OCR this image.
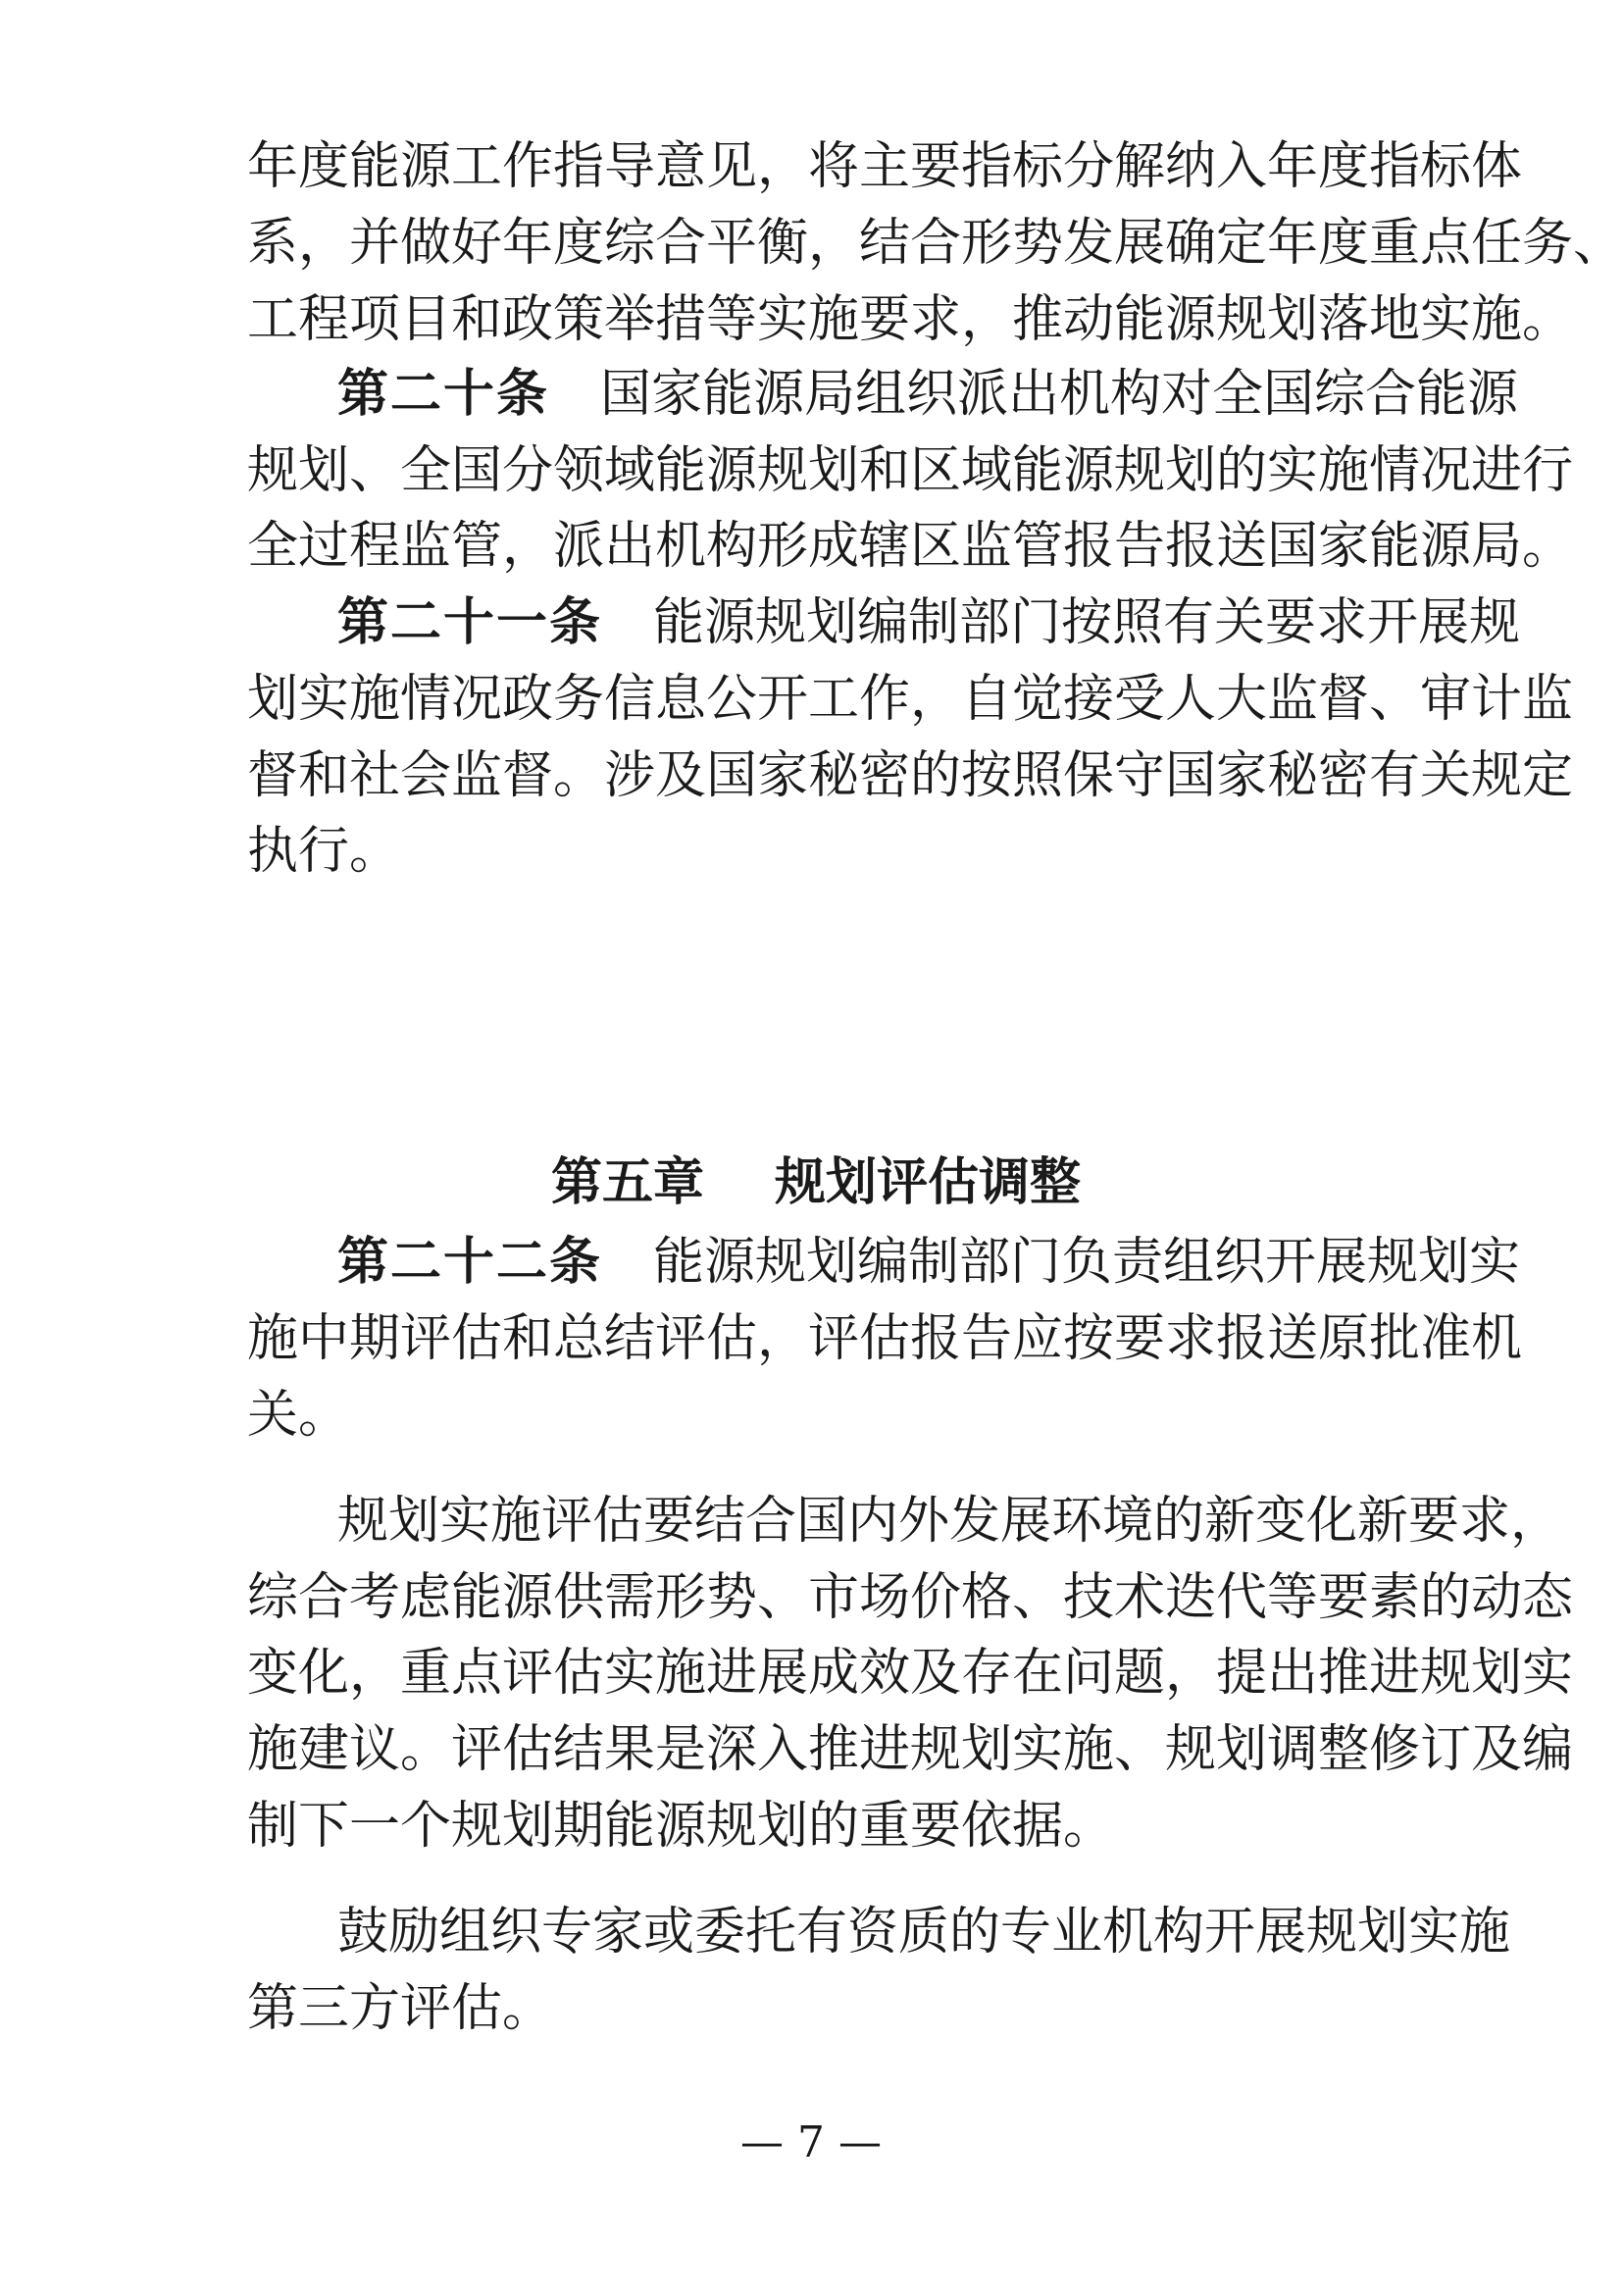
年度能源工作指导意见，将主要指标分解纳入年度指标体
系，并做好年度综合平衡，结合形势发展确定年度重点任务、
工程项目和政策举措等实施要求，推动能源规划落地实施。
第二十条 国家能源局组织派出机构对全国综合能源
规划、全国分领域能源规划和区域能源规划的实施情况进行
全过程监管，派出机构形成辖区监管报告报送国家能源局。
第二十一条 能源规划编制部门按照有关要求开展规
划实施情况政务信息公开工作，自觉接受人大监督、审计监
督和社会监督。涉及国家秘密的按照保守国家秘密有关规定
执行。
第五章 规划评估调整
第二十二条 能源规划编制部门负责组织开展规划实
施中期评估和总结评估，评估报告应按要求报送原批准机
关。
规划实施评估要结合国内外发展环境的新变化新要求，
综合考虑能源供需形势、市场价格、技术迭代等要素的动态
变化，重点评估实施进展成效及存在问题，提出推进规划实
施建议。评估结果是深入推进规划实施、规划调整修订及编
制下一个规划期能源规划的重要依据。
鼓励组织专家或委托有资质的专业机构开展规划实施
第三方评估。
— 7 —
